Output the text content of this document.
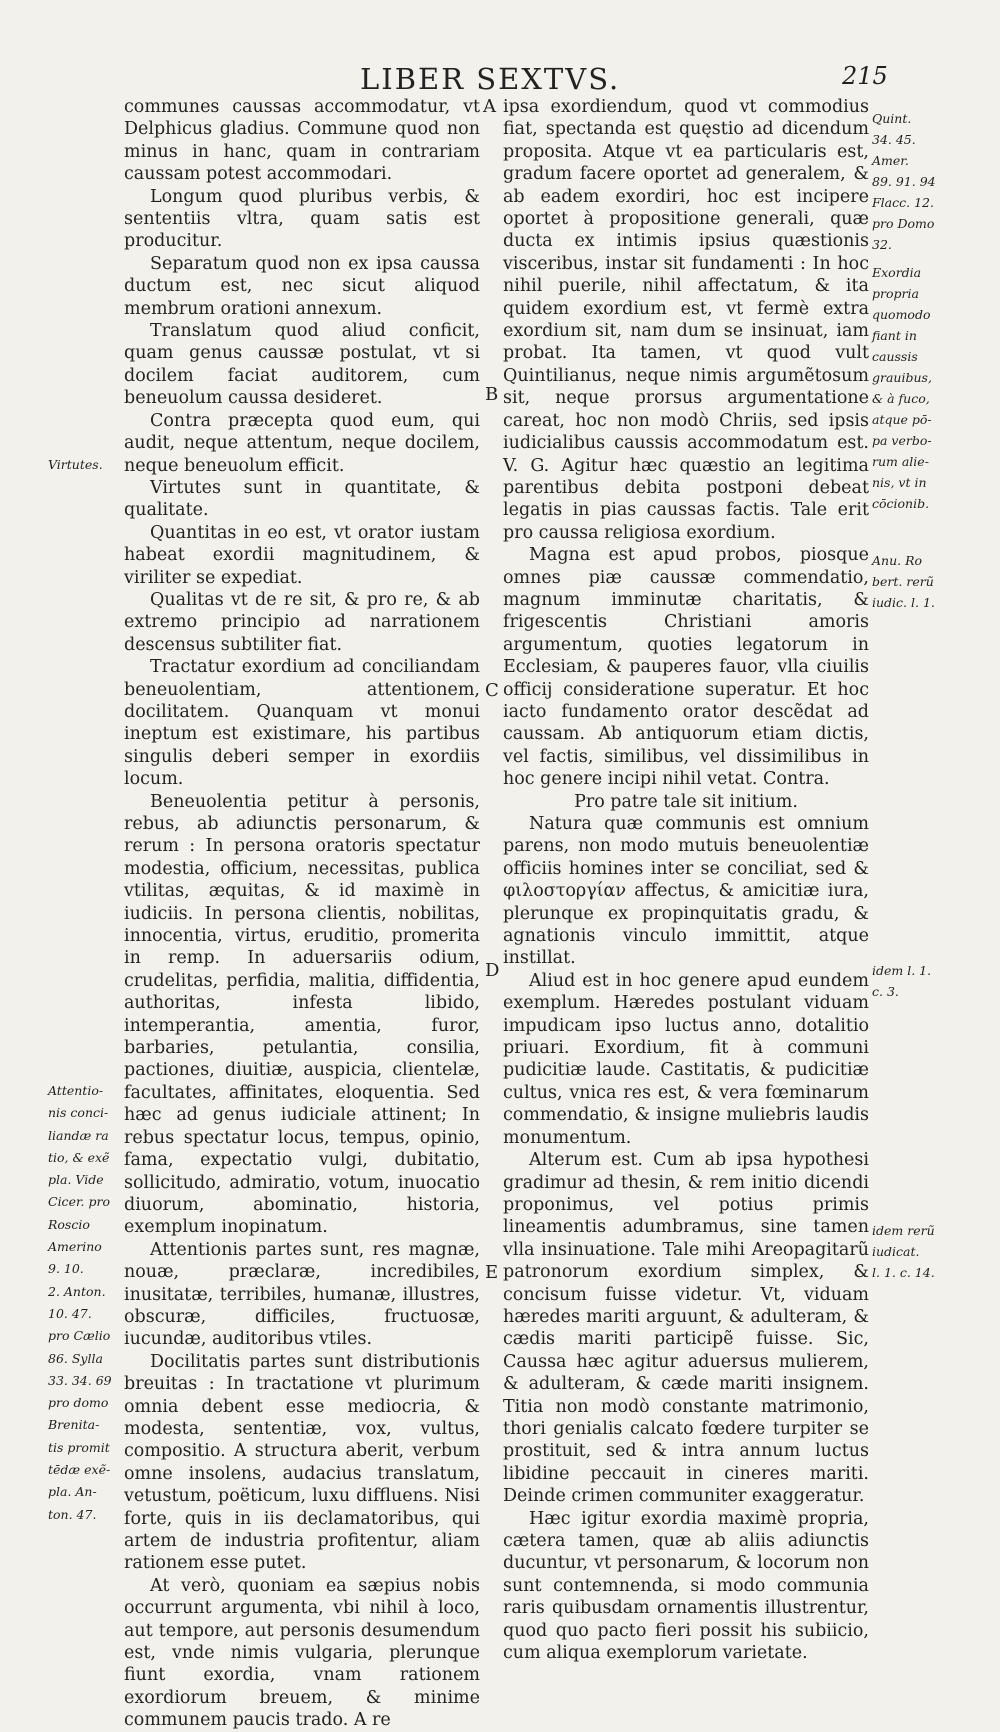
LIBER SEXTVS.	215

communes caussas accommodatur, vt Delphicus gladius. Commune quod non minus in hanc, quam in contrariam caussam potest accommodari.

Longum quod pluribus verbis, & sententiis vltra, quam satis est producitur.

Separatum quod non ex ipsa caussa ductum est, nec sicut aliquod membrum orationi annexum.

Translatum quod aliud conficit, quam genus caussæ postulat, vt si docilem faciat auditorem, cum beneuolum caussa desideret.

Contra præcepta quod eum, qui audit, neque attentum, neque docilem, neque beneuolum efficit.

Virtutes sunt in quantitate, & qualitate.

Quantitas in eo est, vt orator iustam habeat exordii magnitudinem, & viriliter se expediat.

Qualitas vt de re sit, & pro re, & ab extremo principio ad narrationem descensus subtiliter fiat.

Tractatur exordium ad conciliandam beneuolentiam, attentionem, docilitatem. Quanquam vt monui ineptum est existimare, his partibus singulis deberi semper in exordiis locum.

Beneuolentia petitur à personis, rebus, ab adiunctis personarum, & rerum : In persona oratoris spectatur modestia, officium, necessitas, publica vtilitas, æquitas, & id maximè in iudiciis. In persona clientis, nobilitas, innocentia, virtus, eruditio, promerita in remp. In aduersariis odium, crudelitas, perfidia, malitia, diffidentia, authoritas, infesta libido, intemperantia, amentia, furor, barbaries, petulantia, consilia, pactiones, diuitiæ, auspicia, clientelæ, facultates, affinitates, eloquentia. Sed hæc ad genus iudiciale attinent; In rebus spectatur locus, tempus, opinio, fama, expectatio vulgi, dubitatio, sollicitudo, admiratio, votum, inuocatio diuorum, abominatio, historia, exemplum inopinatum.

Attentionis partes sunt, res magnæ, nouæ, præclaræ, incredibiles, inusitatæ, terribiles, humanæ, illustres, obscuræ, difficiles, fructuosæ, iucundæ, auditoribus vtiles.

Docilitatis partes sunt distributionis breuitas : In tractatione vt plurimum omnia debent esse mediocria, & modesta, sententiæ, vox, vultus, compositio. A structura aberit, verbum omne insolens, audacius translatum, vetustum, poëticum, luxu diffluens. Nisi forte, quis in iis declamatoribus, qui artem de industria profitentur, aliam rationem esse putet.

At verò, quoniam ea sæpius nobis occurrunt argumenta, vbi nihil à loco, aut tempore, aut personis desumendum est, vnde nimis vulgaria, plerunque fiunt exordia, vnam rationem exordiorum breuem, & minime communem paucis trado. A re

ipsa exordiendum, quod vt commodius fiat, spectanda est quęstio ad dicendum proposita. Atque vt ea particularis est, gradum facere oportet ad generalem, & ab eadem exordiri, hoc est incipere oportet à propositione generali, quæ ducta ex intimis ipsius quæstionis visceribus, instar sit fundamenti : In hoc nihil puerile, nihil affectatum, & ita quidem exordium est, vt fermè extra exordium sit, nam dum se insinuat, iam probat. Ita tamen, vt quod vult Quintilianus, neque nimis argumẽtosum sit, neque prorsus argumentatione careat, hoc non modò Chriis, sed ipsis iudicialibus caussis accommodatum est. V. G. Agitur hæc quæstio an legitima parentibus debita postponi debeat legatis in pias caussas factis. Tale erit pro caussa religiosa exordium.

Magna est apud probos, piosque omnes piæ caussæ commendatio, magnum imminutæ charitatis, & frigescentis Christiani amoris argumentum, quoties legatorum in Ecclesiam, & pauperes fauor, vlla ciuilis officij consideratione superatur. Et hoc iacto fundamento orator descẽdat ad caussam. Ab antiquorum etiam dictis, vel factis, similibus, vel dissimilibus in hoc genere incipi nihil vetat. Contra.

Pro patre tale sit initium.

Natura quæ communis est omnium parens, non modo mutuis beneuolentiæ officiis homines inter se conciliat, sed & φιλοστοργίαν affectus, & amicitiæ iura, plerunque ex propinquitatis gradu, & agnationis vinculo immittit, atque instillat.

Aliud est in hoc genere apud eundem exemplum. Hæredes postulant viduam impudicam ipso luctus anno, dotalitio priuari. Exordium, fit à communi pudicitiæ laude. Castitatis, & pudicitiæ cultus, vnica res est, & vera fœminarum commendatio, & insigne muliebris laudis monumentum.

Alterum est. Cum ab ipsa hypothesi gradimur ad thesin, & rem initio dicendi proponimus, vel potius primis lineamentis adumbramus, sine tamen vlla insinuatione. Tale mihi Areopagitarũ patronorum exordium simplex, & concisum fuisse videtur. Vt, viduam hæredes mariti arguunt, & adulteram, & cædis mariti participẽ fuisse. Sic, Caussa hæc agitur aduersus mulierem, & adulteram, & cæde mariti insignem. Titia non modò constante matrimonio, thori genialis calcato fœdere turpiter se prostituit, sed & intra annum luctus libidine peccauit in cineres mariti. Deinde crimen communiter exaggeratur.

Hæc igitur exordia maximè propria, cætera tamen, quæ ab aliis adiunctis ducuntur, vt personarum, & locorum non sunt contemnenda, si modo communia raris quibusdam ornamentis illustrentur, quod quo pacto fieri possit his subiicio, cum aliqua exemplorum varietate.

A
B
C
D
E
Virtutes.
Attentio-
nis conci-
liandæ ra
tio, & exẽ
pla. Vide
Cicer. pro
Roscio
Amerino
9. 10.
2. Anton.
10. 47.
pro Cælio
86. Sylla
33. 34. 69
pro domo
Brenita-
tis promit
tēdæ exẽ-
pla. An-
ton. 47.
Quint.
34. 45.
Amer.
89. 91. 94
Flacc. 12.
pro Domo
32.
Exordia
propria
quomodo
fiant in
caussis
grauibus,
& à fuco,
atque pō-
pa verbo-
rum alie-
nis, vt in
cōcionib.
Anu. Ro
bert. rerũ
iudic. l. 1.
idem l. 1.
c. 3.
idem rerũ
iudicat.
l. 1. c. 14.
